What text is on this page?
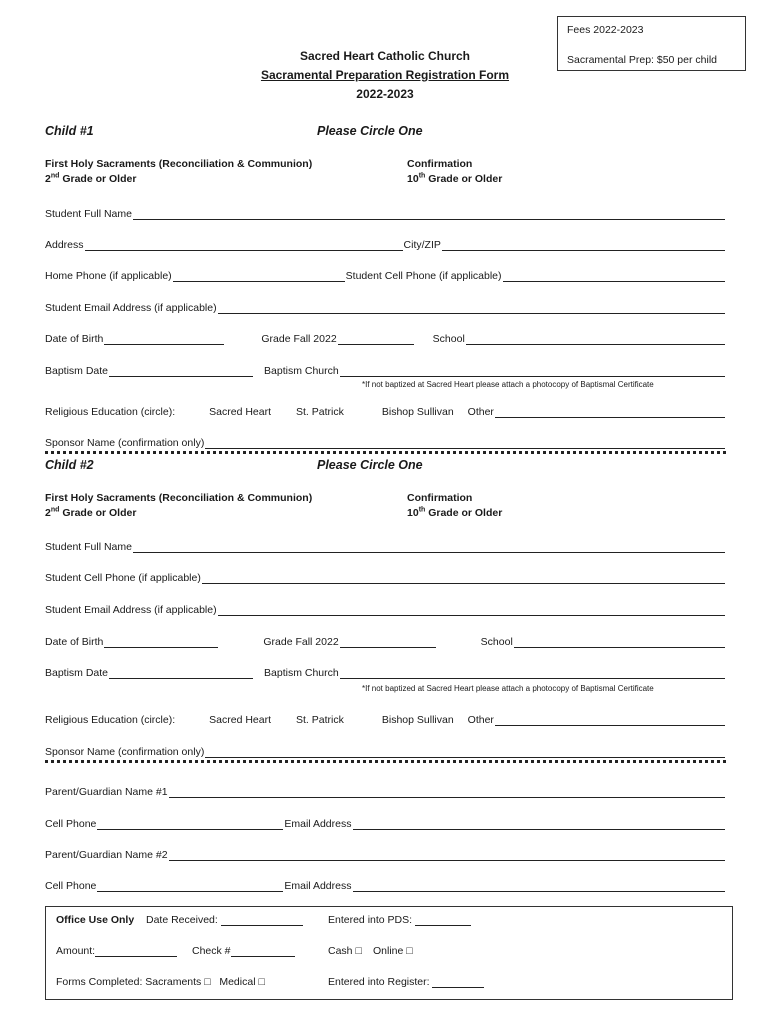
Fees 2022-2023
Sacramental Prep: $50 per child
Sacred Heart Catholic Church
Sacramental Preparation Registration Form
2022-2023
Child #1	Please Circle One
First Holy Sacraments (Reconciliation & Communion)
2nd Grade or Older
Confirmation
10th Grade or Older
Student Full Name
Address	City/ZIP
Home Phone (if applicable)	Student Cell Phone (if applicable)
Student Email Address (if applicable)
Date of Birth	Grade Fall 2022	School
Baptism Date	Baptism Church
*If not baptized at Sacred Heart please attach a photocopy of Baptismal Certificate
Religious Education (circle):	Sacred Heart St. Patrick	Bishop Sullivan Other
Sponsor Name (confirmation only)
Child #2	Please Circle One
First Holy Sacraments (Reconciliation & Communion)
2nd Grade or Older
Confirmation
10th Grade or Older
Student Full Name
Student Cell Phone (if applicable)
Student Email Address (if applicable)
Date of Birth	Grade Fall 2022	School
Baptism Date	Baptism Church
*If not baptized at Sacred Heart please attach a photocopy of Baptismal Certificate
Religious Education (circle):	Sacred Heart St. Patrick	Bishop Sullivan Other
Sponsor Name (confirmation only)
Parent/Guardian Name #1
Cell Phone	Email Address
Parent/Guardian Name #2
Cell Phone	Email Address
Office Use Only Date Received:	Entered into PDS:
Amount:	Check #	Cash □ Online □
Forms Completed: Sacraments □ Medical □	Entered into Register:
